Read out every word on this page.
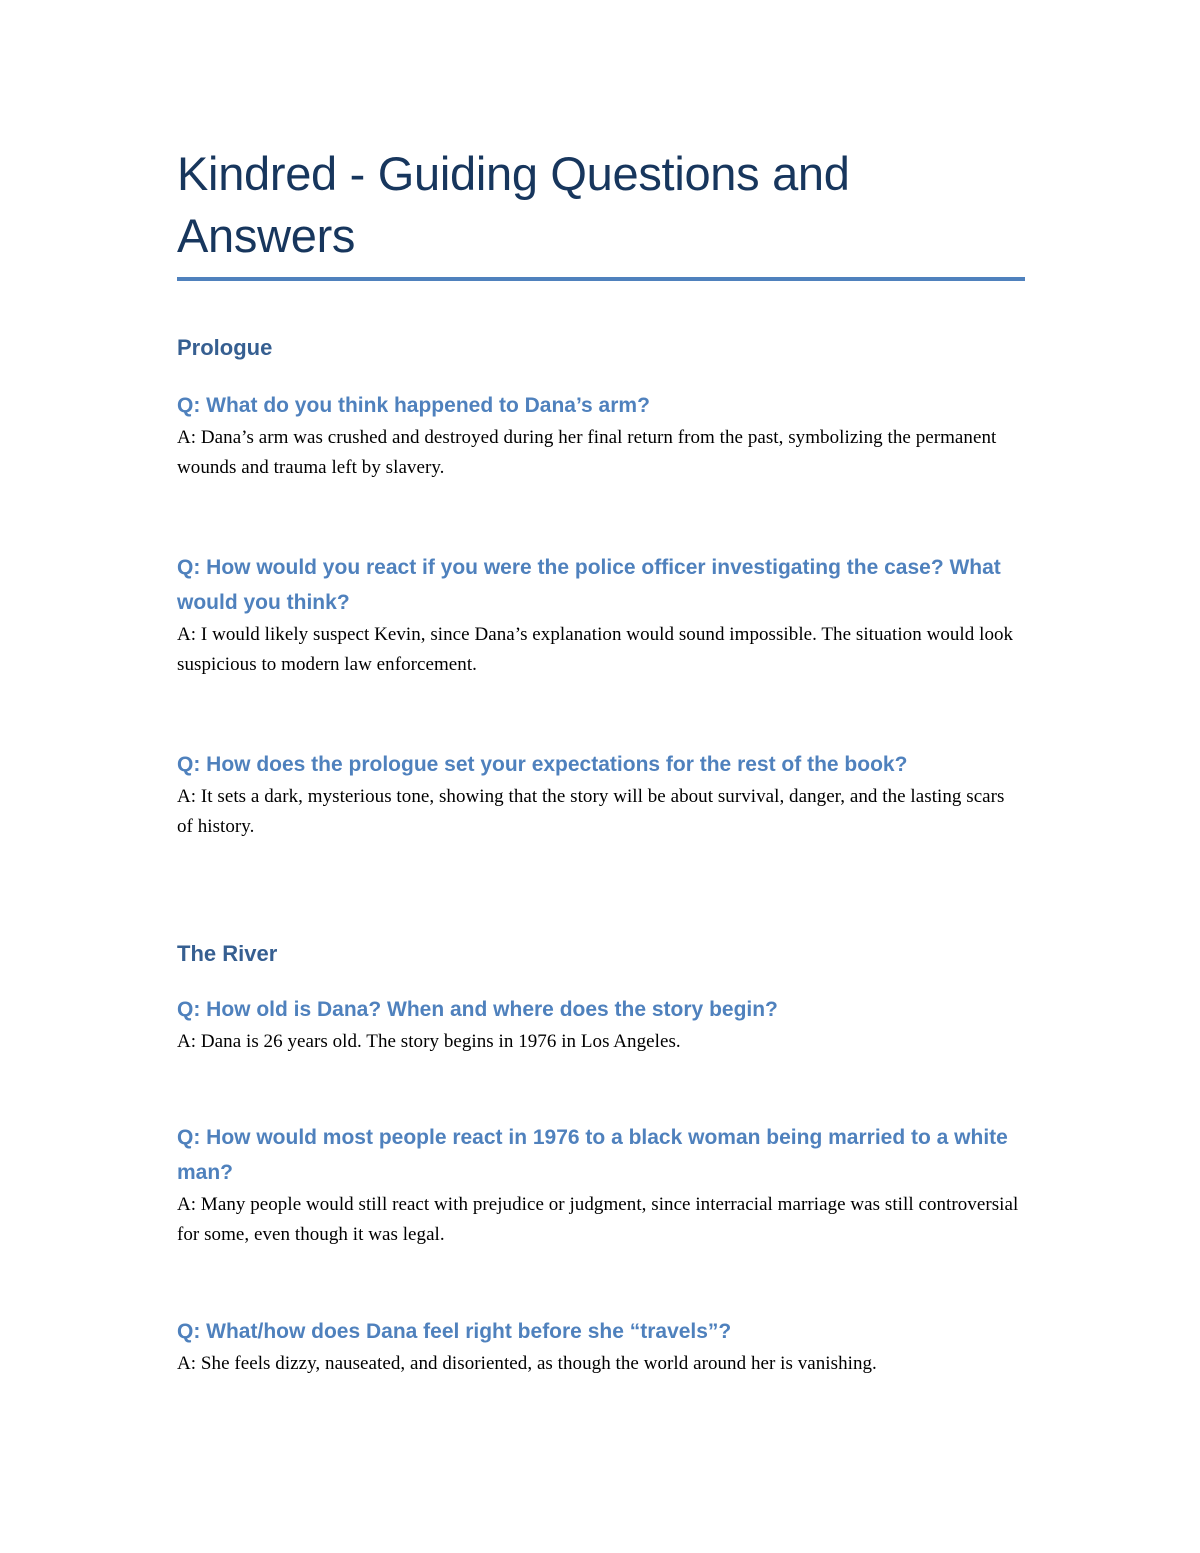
Kindred - Guiding Questions and Answers
Prologue

Q: What do you think happened to Dana’s arm?

A: Dana’s arm was crushed and destroyed during her final return from the past, symbolizing the permanent wounds and trauma left by slavery.

Q: How would you react if you were the police officer investigating the case? What would you think?

A: I would likely suspect Kevin, since Dana’s explanation would sound impossible. The situation would look suspicious to modern law enforcement.

Q: How does the prologue set your expectations for the rest of the book?

A: It sets a dark, mysterious tone, showing that the story will be about survival, danger, and the lasting scars of history.

The River

Q: How old is Dana? When and where does the story begin?

A: Dana is 26 years old. The story begins in 1976 in Los Angeles.

Q: How would most people react in 1976 to a black woman being married to a white man?

A: Many people would still react with prejudice or judgment, since interracial marriage was still controversial for some, even though it was legal.

Q: What/how does Dana feel right before she “travels”?

A: She feels dizzy, nauseated, and disoriented, as though the world around her is vanishing.
